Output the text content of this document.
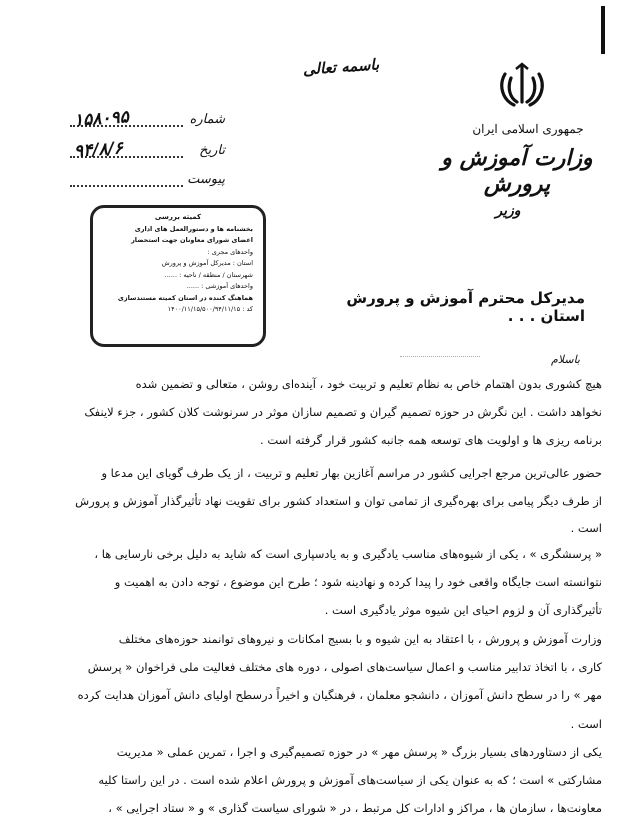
باسمه تعالی
جمهوری اسلامی ایران
وزارت آموزش و پرورش
وزیر
شماره
۱۵۸۰۹۵
تاریخ
۹۴/۸/۶
پیوست
کمیته بررسی
بخشنامه ها و دستورالعمل های اداری
اعضای شورای معاونان جهت استحضار
واحدهای مجری :
استان : مدیرکل آموزش و پرورش
شهرستان / منطقه / ناحیه : ......
واحدهای آموزشی : ......
هماهنگ کننده در استان کمیته مستندسازی
کد : ۱۴۰۰/۱۱/۱۵/۵۰۰/۹۴/۱۱/۱۵
مدیرکل محترم آموزش و پرورش استان . . .
باسلام
هیچ کشوری بدون اهتمام خاص به نظام تعلیم و تربیت خود ، آینده‌ای روشن ، متعالی و تضمین شده
نخواهد داشت . این نگرش در حوزه تصمیم گیران و تصمیم سازان موثر در سرنوشت کلان کشور ، جزء لاینفک
برنامه ریزی ها و اولویت های توسعه همه جانبه کشور قرار گرفته است .
حضور عالی‌ترین مرجع اجرایی کشور در مراسم آغازین بهار تعلیم و تربیت ، از یک طرف گویای این مدعا و
از طرف دیگر پیامی برای بهره‌گیری از تمامی توان و استعداد کشور برای تقویت نهاد تأثیرگذار آموزش و پرورش
است .
« پرسشگری » ، یکی از شیوه‌های مناسب یادگیری و به یادسپاری است که شاید به دلیل برخی نارسایی ها ،
نتوانسته است جایگاه واقعی خود را پیدا کرده و نهادینه شود ؛ طرح این موضوع ، توجه دادن به اهمیت و
تأثیرگذاری آن و لزوم احیای این شیوه موثر یادگیری است .
وزارت آموزش و پرورش ، با اعتقاد به این شیوه و با بسیج امکانات و نیروهای توانمند حوزه‌های مختلف
کاری ، با اتخاذ تدابیر مناسب و اعمال سیاست‌های اصولی ، دوره های مختلف فعالیت ملی فراخوان « پرسش
مهر » را در سطح دانش آموزان ، دانشجو معلمان ، فرهنگیان و اخیراً درسطح اولیای دانش آموزان هدایت کرده
است .
یکی از دستاوردهای بسیار بزرگ « پرسش مهر » در حوزه تصمیم‌گیری و اجرا ، تمرین عملی « مدیریت
مشارکتی » است ؛ که به عنوان یکی از سیاست‌های آموزش و پرورش اعلام شده است . در این راستا کلیه
معاونت‌ها ، سازمان ها ، مراکز و ادارات کل مرتبط ، در « شورای سیاست گذاری » و « ستاد اجرایی » ،
